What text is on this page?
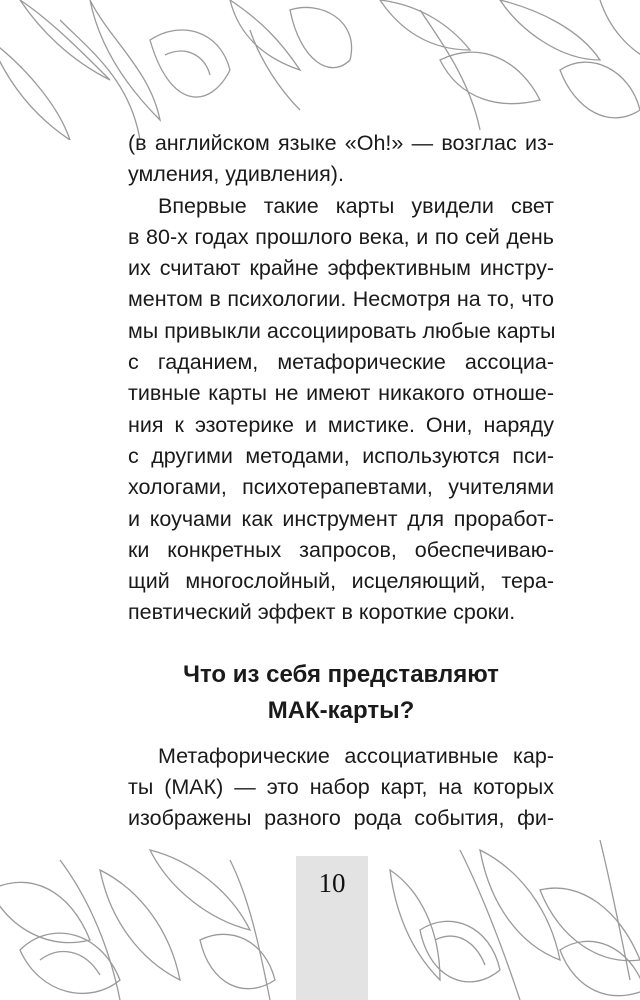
(в английском языке «Oh!» — возглас из-
умления, удивления).
Впервые такие карты увидели свет
в 80-х годах прошлого века, и по сей день
их считают крайне эффективным инстру-
ментом в психологии. Несмотря на то, что
мы привыкли ассоциировать любые карты
с гаданием, метафорические ассоциа-
тивные карты не имеют никакого отноше-
ния к эзотерике и мистике. Они, наряду
с другими методами, используются пси-
хологами, психотерапевтами, учителями
и коучами как инструмент для проработ-
ки конкретных запросов, обеспечиваю-
щий многослойный, исцеляющий, тера-
певтический эффект в короткие сроки.
Что из себя представляют
МАК-карты?
Метафорические ассоциативные кар-
ты (МАК) — это набор карт, на которых
изображены разного рода события, фи-
10
